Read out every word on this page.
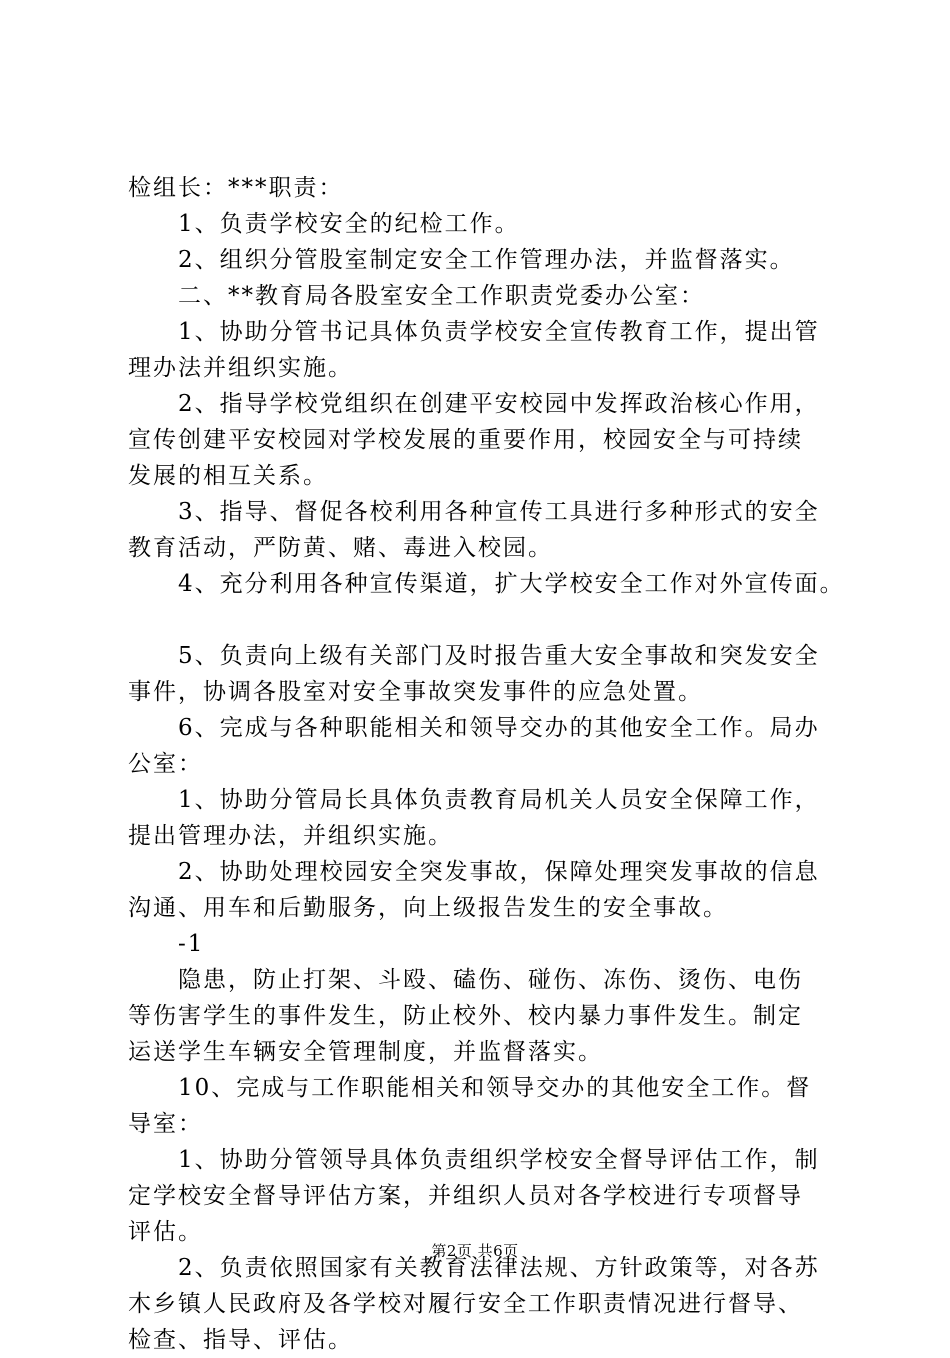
检组长：***职责：

1、负责学校安全的纪检工作。

2、组织分管股室制定安全工作管理办法，并监督落实。

二、**教育局各股室安全工作职责党委办公室：

1、协助分管书记具体负责学校安全宣传教育工作，提出管

理办法并组织实施。

2、指导学校党组织在创建平安校园中发挥政治核心作用，

宣传创建平安校园对学校发展的重要作用，校园安全与可持续

发展的相互关系。

3、指导、督促各校利用各种宣传工具进行多种形式的安全

教育活动，严防黄、赌、毒进入校园。

4、充分利用各种宣传渠道，扩大学校安全工作对外宣传面。

5、负责向上级有关部门及时报告重大安全事故和突发安全

事件，协调各股室对安全事故突发事件的应急处置。

6、完成与各种职能相关和领导交办的其他安全工作。局办

公室：

1、协助分管局长具体负责教育局机关人员安全保障工作，

提出管理办法，并组织实施。

2、协助处理校园安全突发事故，保障处理突发事故的信息

沟通、用车和后勤服务，向上级报告发生的安全事故。

-1

隐患，防止打架、斗殴、磕伤、碰伤、冻伤、烫伤、电伤

等伤害学生的事件发生，防止校外、校内暴力事件发生。制定

运送学生车辆安全管理制度，并监督落实。

10、完成与工作职能相关和领导交办的其他安全工作。督

导室：

1、协助分管领导具体负责组织学校安全督导评估工作，制

定学校安全督导评估方案，并组织人员对各学校进行专项督导

评估。

2、负责依照国家有关教育法律法规、方针政策等，对各苏

木乡镇人民政府及各学校对履行安全工作职责情况进行督导、

检查、指导、评估。

第2页 共6页
